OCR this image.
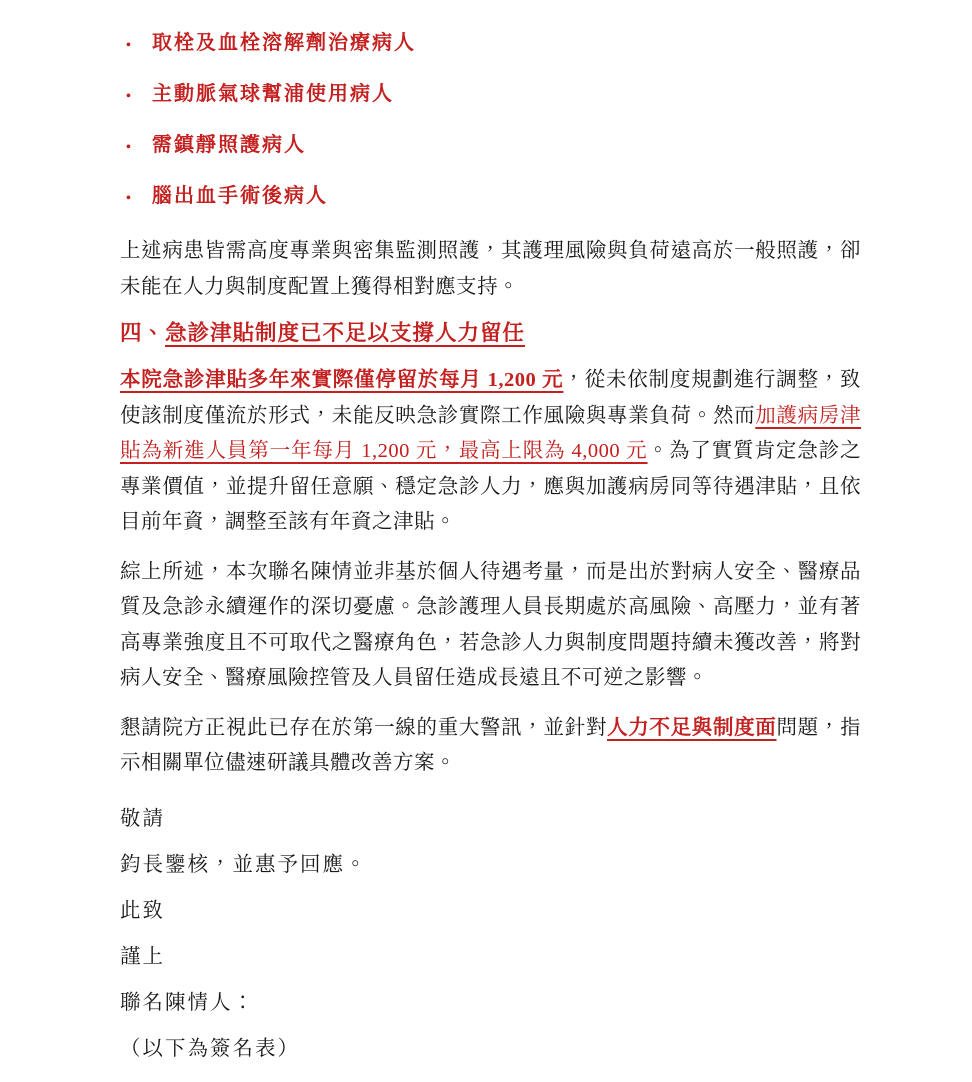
•	取栓及血栓溶解劑治療病人
•	主動脈氣球幫浦使用病人
•	需鎮靜照護病人
•	腦出血手術後病人

上述病患皆需高度專業與密集監測照護，其護理風險與負荷遠高於一般照護，卻未能在人力與制度配置上獲得相對應支持。

四、急診津貼制度已不足以支撐人力留任

本院急診津貼多年來實際僅停留於每月 1,200 元，從未依制度規劃進行調整，致使該制度僅流於形式，未能反映急診實際工作風險與專業負荷。然而加護病房津貼為新進人員第一年每月 1,200 元，最高上限為 4,000 元。為了實質肯定急診之專業價值，並提升留任意願、穩定急診人力，應與加護病房同等待遇津貼，且依目前年資，調整至該有年資之津貼。

綜上所述，本次聯名陳情並非基於個人待遇考量，而是出於對病人安全、醫療品質及急診永續運作的深切憂慮。急診護理人員長期處於高風險、高壓力，並有著高專業強度且不可取代之醫療角色，若急診人力與制度問題持續未獲改善，將對病人安全、醫療風險控管及人員留任造成長遠且不可逆之影響。

懇請院方正視此已存在於第一線的重大警訊，並針對人力不足與制度面問題，指示相關單位儘速研議具體改善方案。

敬請

鈞長鑒核，並惠予回應。

此致

謹上

聯名陳情人：

（以下為簽名表）
